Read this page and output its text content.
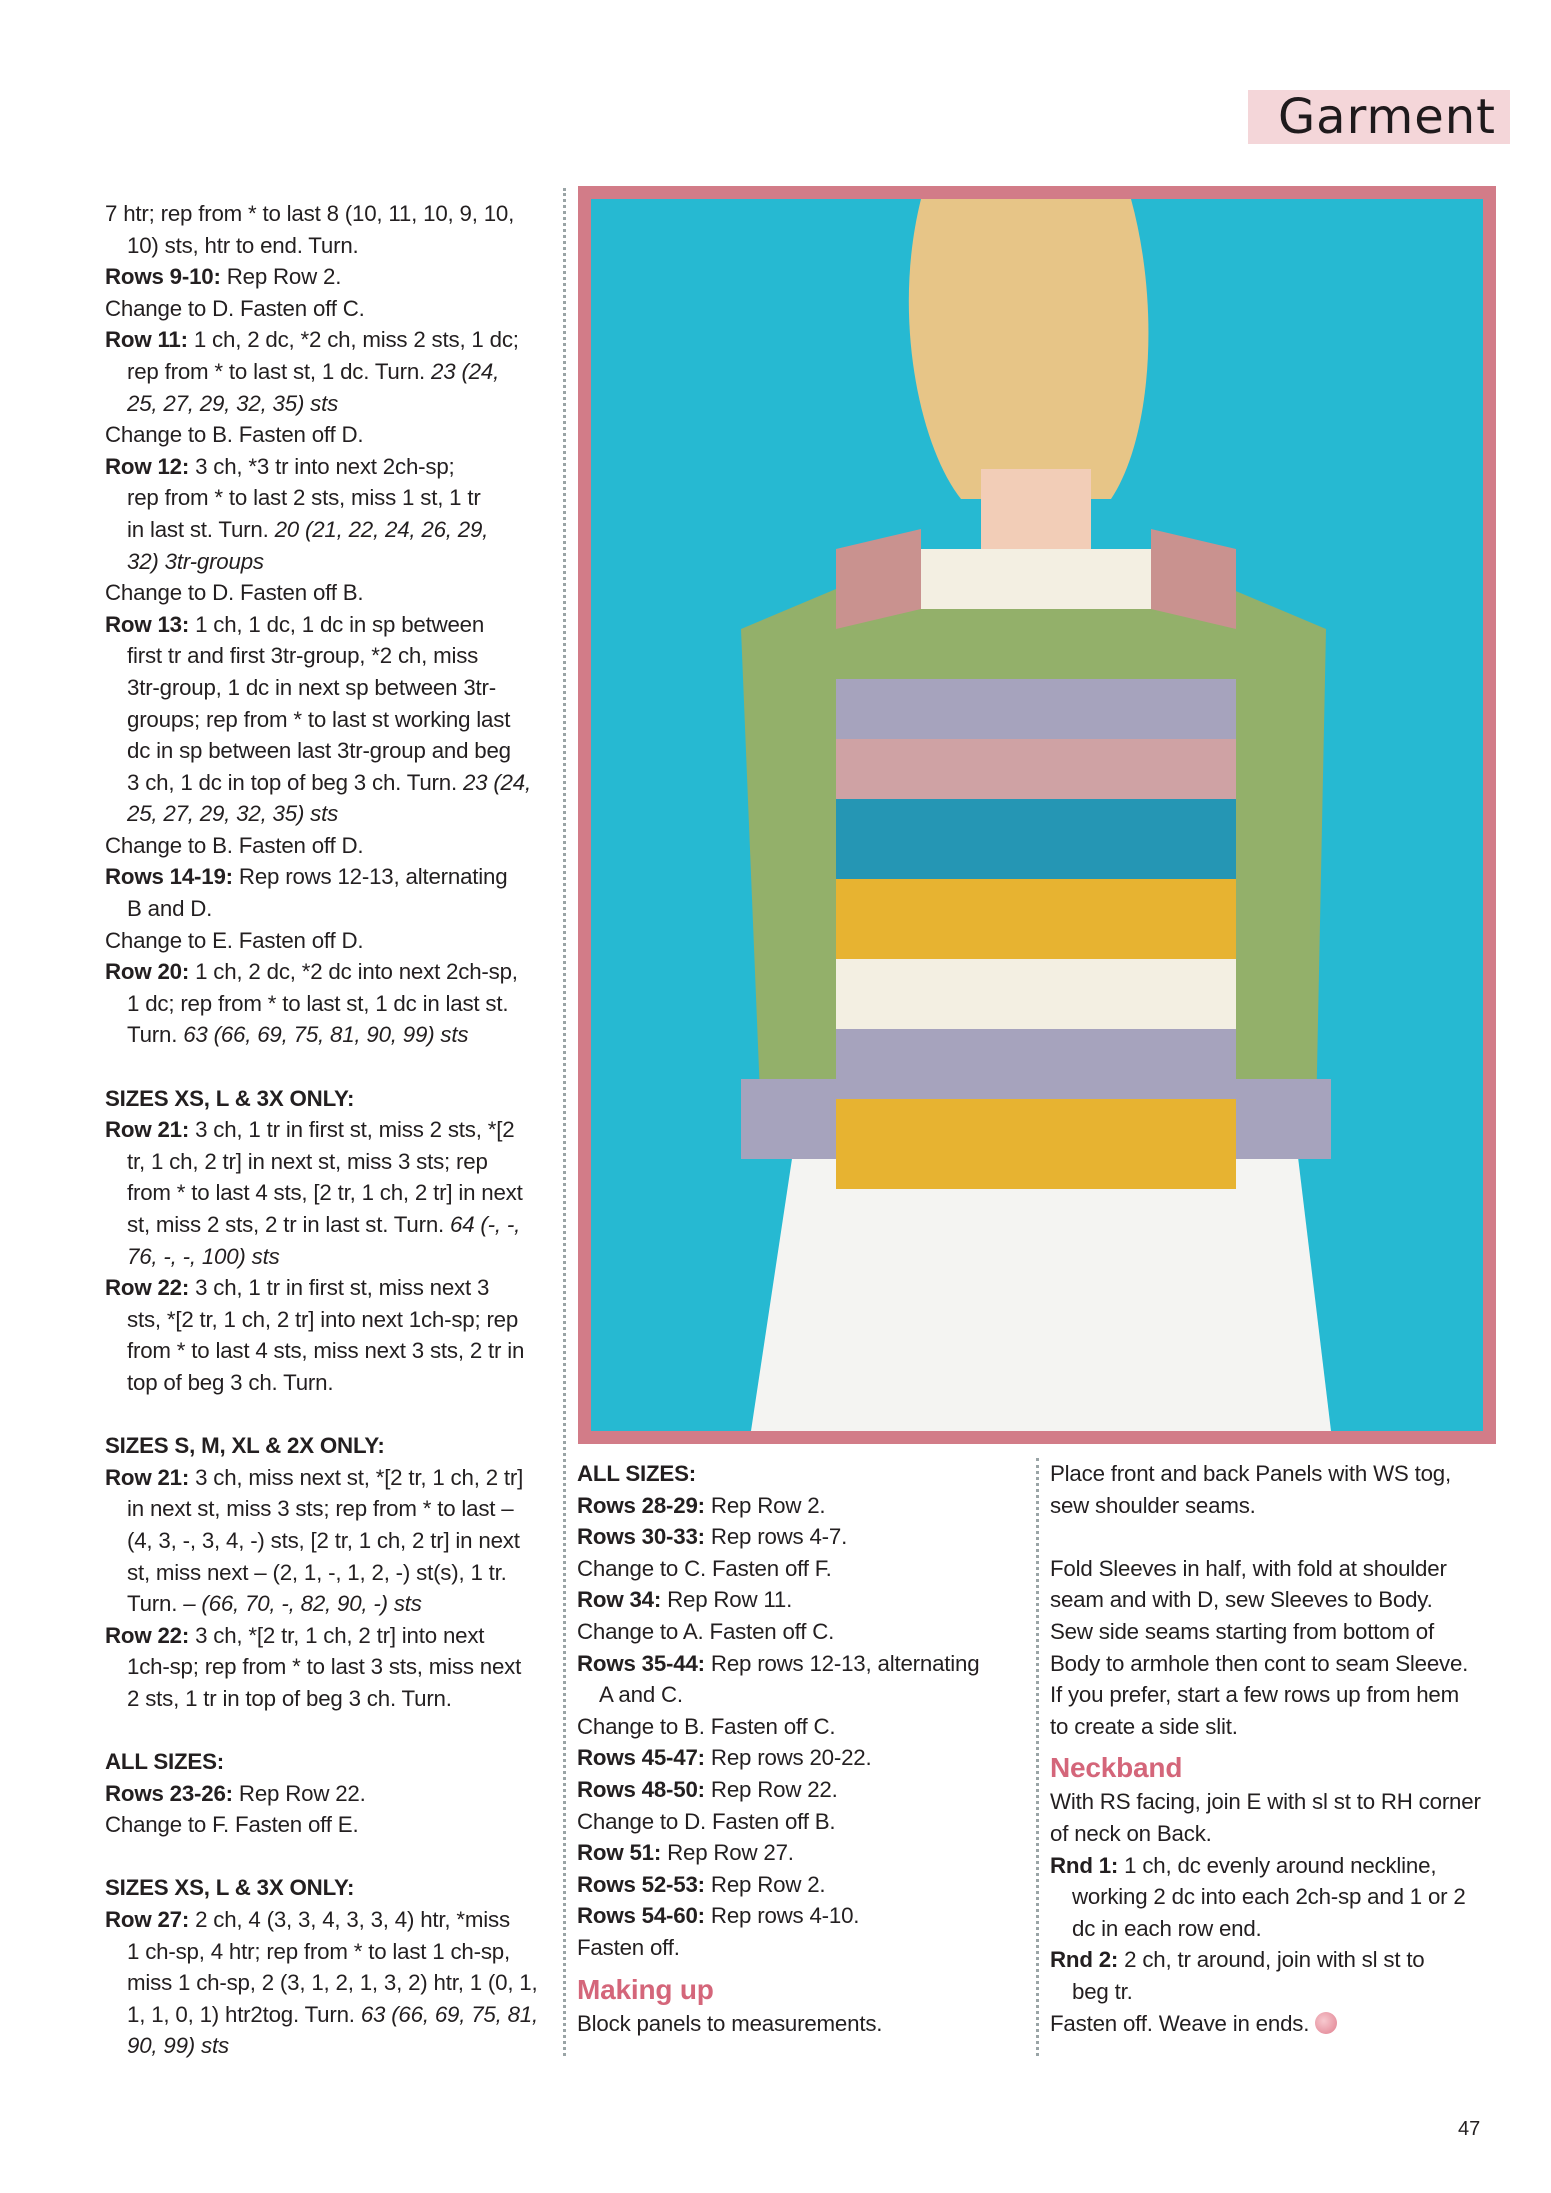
Garment

7 htr; rep from * to last 8 (10, 11, 10, 9, 10,

10) sts, htr to end. Turn.

Rows 9-10: Rep Row 2.

Change to D. Fasten off C.

Row 11: 1 ch, 2 dc, *2 ch, miss 2 sts, 1 dc;

rep from * to last st, 1 dc. Turn. 23 (24,

25, 27, 29, 32, 35) sts

Change to B. Fasten off D.

Row 12: 3 ch, *3 tr into next 2ch-sp;

rep from * to last 2 sts, miss 1 st, 1 tr

in last st. Turn. 20 (21, 22, 24, 26, 29,

32) 3tr-groups

Change to D. Fasten off B.

Row 13: 1 ch, 1 dc, 1 dc in sp between

first tr and first 3tr-group, *2 ch, miss

3tr-group, 1 dc in next sp between 3tr-

groups; rep from * to last st working last

dc in sp between last 3tr-group and beg

3 ch, 1 dc in top of beg 3 ch. Turn. 23 (24,

25, 27, 29, 32, 35) sts

Change to B. Fasten off D.

Rows 14-19: Rep rows 12-13, alternating

B and D.

Change to E. Fasten off D.

Row 20: 1 ch, 2 dc, *2 dc into next 2ch-sp,

1 dc; rep from * to last st, 1 dc in last st.

Turn. 63 (66, 69, 75, 81, 90, 99) sts

SIZES XS, L & 3X ONLY:

Row 21: 3 ch, 1 tr in first st, miss 2 sts, *[2

tr, 1 ch, 2 tr] in next st, miss 3 sts; rep

from * to last 4 sts, [2 tr, 1 ch, 2 tr] in next

st, miss 2 sts, 2 tr in last st. Turn. 64 (-, -,

76, -, -, 100) sts

Row 22: 3 ch, 1 tr in first st, miss next 3

sts, *[2 tr, 1 ch, 2 tr] into next 1ch-sp; rep

from * to last 4 sts, miss next 3 sts, 2 tr in

top of beg 3 ch. Turn.

SIZES S, M, XL & 2X ONLY:

Row 21: 3 ch, miss next st, *[2 tr, 1 ch, 2 tr]

in next st, miss 3 sts; rep from * to last –

(4, 3, -, 3, 4, -) sts, [2 tr, 1 ch, 2 tr] in next

st, miss next – (2, 1, -, 1, 2, -) st(s), 1 tr.

Turn. – (66, 70, -, 82, 90, -) sts

Row 22: 3 ch, *[2 tr, 1 ch, 2 tr] into next

1ch-sp; rep from * to last 3 sts, miss next

2 sts, 1 tr in top of beg 3 ch. Turn.

ALL SIZES:

Rows 23-26: Rep Row 22.

Change to F. Fasten off E.

SIZES XS, L & 3X ONLY:

Row 27: 2 ch, 4 (3, 3, 4, 3, 3, 4) htr, *miss

1 ch-sp, 4 htr; rep from * to last 1 ch-sp,

miss 1 ch-sp, 2 (3, 1, 2, 1, 3, 2) htr, 1 (0, 1,

1, 1, 0, 1) htr2tog. Turn. 63 (66, 69, 75, 81,

90, 99) sts

ALL SIZES:

Rows 28-29: Rep Row 2.

Rows 30-33: Rep rows 4-7.

Change to C. Fasten off F.

Row 34: Rep Row 11.

Change to A. Fasten off C.

Rows 35-44: Rep rows 12-13, alternating

A and C.

Change to B. Fasten off C.

Rows 45-47: Rep rows 20-22.

Rows 48-50: Rep Row 22.

Change to D. Fasten off B.

Row 51: Rep Row 27.

Rows 52-53: Rep Row 2.

Rows 54-60: Rep rows 4-10.

Fasten off.

Making up

Block panels to measurements.

Place front and back Panels with WS tog,

sew shoulder seams.

Fold Sleeves in half, with fold at shoulder

seam and with D, sew Sleeves to Body.

Sew side seams starting from bottom of

Body to armhole then cont to seam Sleeve.

If you prefer, start a few rows up from hem

to create a side slit.

Neckband

With RS facing, join E with sl st to RH corner

of neck on Back.

Rnd 1: 1 ch, dc evenly around neckline,

working 2 dc into each 2ch-sp and 1 or 2

dc in each row end.

Rnd 2: 2 ch, tr around, join with sl st to

beg tr.

Fasten off. Weave in ends.

47
